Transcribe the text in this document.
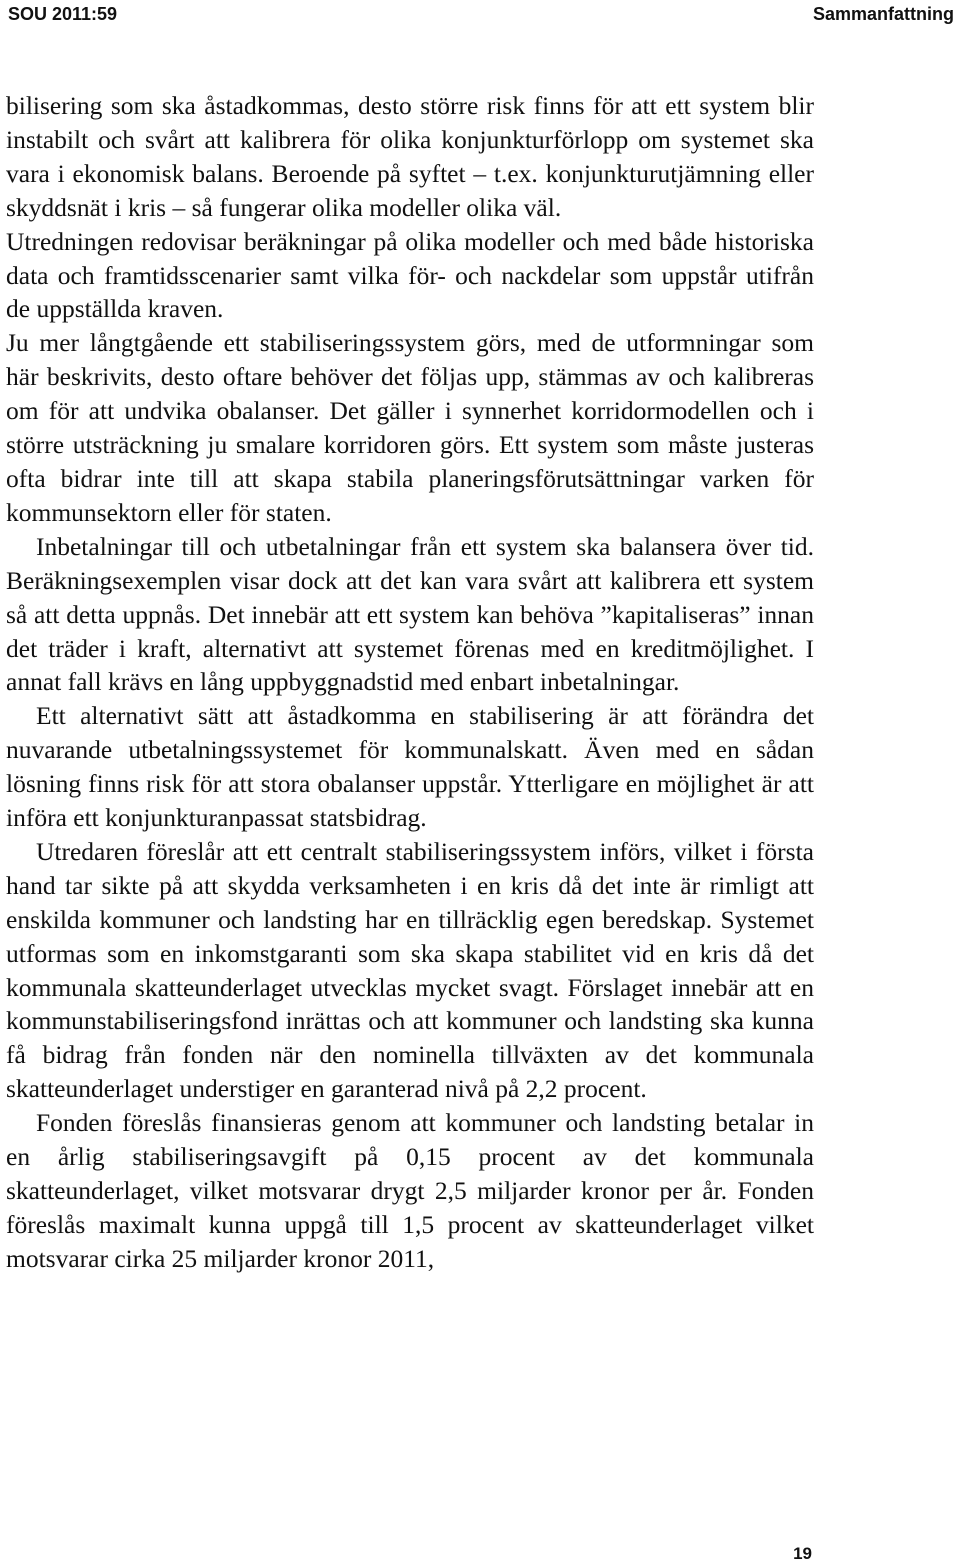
SOU 2011:59	Sammanfattning

bilisering som ska åstadkommas, desto större risk finns för att ett system blir instabilt och svårt att kalibrera för olika konjunkturförlopp om systemet ska vara i ekonomisk balans. Beroende på syftet – t.ex. konjunkturutjämning eller skyddsnät i kris – så fungerar olika modeller olika väl.

Utredningen redovisar beräkningar på olika modeller och med både historiska data och framtidsscenarier samt vilka för- och nackdelar som uppstår utifrån de uppställda kraven.

Ju mer långtgående ett stabiliseringssystem görs, med de utformningar som här beskrivits, desto oftare behöver det följas upp, stämmas av och kalibreras om för att undvika obalanser. Det gäller i synnerhet korridormodellen och i större utsträckning ju smalare korridoren görs. Ett system som måste justeras ofta bidrar inte till att skapa stabila planeringsförutsättningar varken för kommunsektorn eller för staten.

Inbetalningar till och utbetalningar från ett system ska balansera över tid. Beräkningsexemplen visar dock att det kan vara svårt att kalibrera ett system så att detta uppnås. Det innebär att ett system kan behöva ”kapitaliseras” innan det träder i kraft, alternativt att systemet förenas med en kreditmöjlighet. I annat fall krävs en lång uppbyggnadstid med enbart inbetalningar.

Ett alternativt sätt att åstadkomma en stabilisering är att förändra det nuvarande utbetalningssystemet för kommunalskatt. Även med en sådan lösning finns risk för att stora obalanser uppstår. Ytterligare en möjlighet är att införa ett konjunkturanpassat statsbidrag.

Utredaren föreslår att ett centralt stabiliseringssystem införs, vilket i första hand tar sikte på att skydda verksamheten i en kris då det inte är rimligt att enskilda kommuner och landsting har en tillräcklig egen beredskap. Systemet utformas som en inkomstgaranti som ska skapa stabilitet vid en kris då det kommunala skatteunderlaget utvecklas mycket svagt. Förslaget innebär att en kommunstabiliseringsfond inrättas och att kommuner och landsting ska kunna få bidrag från fonden när den nominella tillväxten av det kommunala skatteunderlaget understiger en garanterad nivå på 2,2 procent.

Fonden föreslås finansieras genom att kommuner och landsting betalar in en årlig stabiliseringsavgift på 0,15 procent av det kommunala skatteunderlaget, vilket motsvarar drygt 2,5 miljarder kronor per år. Fonden föreslås maximalt kunna uppgå till 1,5 procent av skatteunderlaget vilket motsvarar cirka 25 miljarder kronor 2011,

19
